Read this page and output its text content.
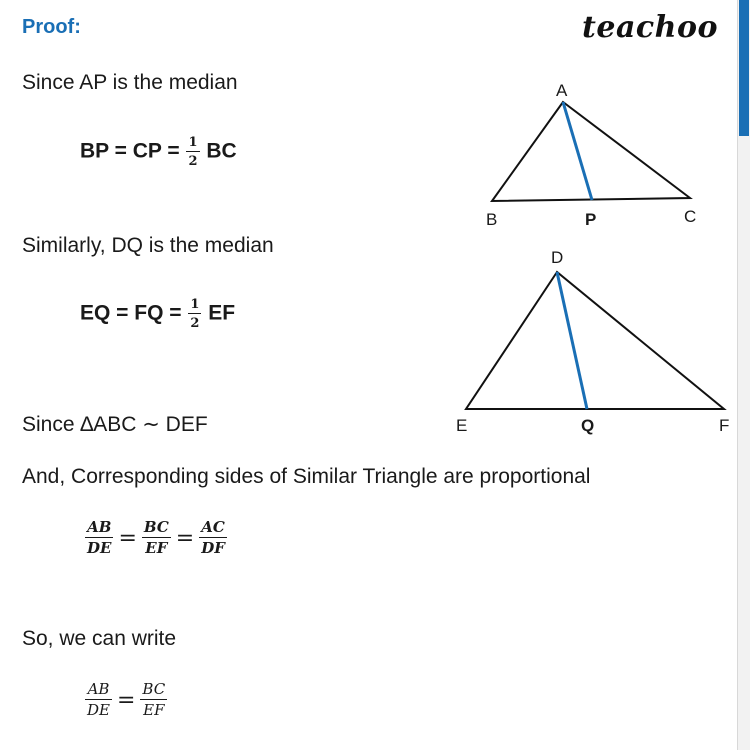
Proof:	teachoo
Since AP is the median
BP = CP = $\frac{1}{2}$ BC
Similarly, DQ is the median
EQ = FQ = $\frac{1}{2}$ EF
Since ∆ABC ∼ DEF
And, Corresponding sides of Similar Triangle are proportional
$\frac{AB}{DE} = \frac{BC}{EF} = \frac{AC}{DF}$
So, we can write
$\frac{AB}{DE} = \frac{BC}{EF}$
A
B	C
P
D
E	F
Q
